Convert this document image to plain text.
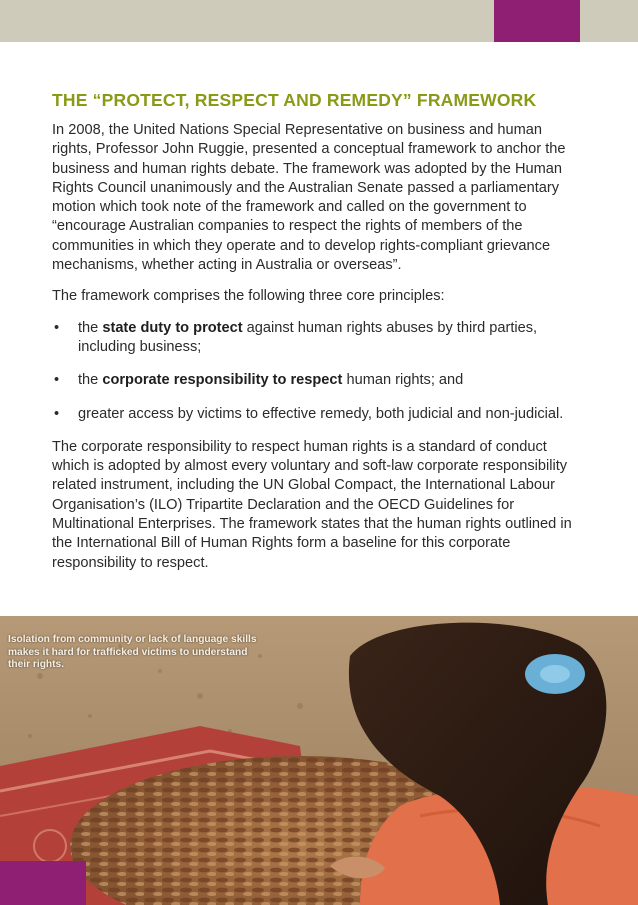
THE “PROTECT, RESPECT AND REMEDY” FRAMEWORK

In 2008, the United Nations Special Representative on business and human rights, Professor John Ruggie, presented a conceptual framework to anchor the business and human rights debate. The framework was adopted by the Human Rights Council unanimously and the Australian Senate passed a parliamentary motion which took note of the framework and called on the government to “encourage Australian companies to respect the rights of members of the communities in which they operate and to develop rights-compliant grievance mechanisms, whether acting in Australia or overseas”.

The framework comprises the following three core principles:

• the state duty to protect against human rights abuses by third parties, including business;
• the corporate responsibility to respect human rights; and
• greater access by victims to effective remedy, both judicial and non-judicial.

The corporate responsibility to respect human rights is a standard of conduct which is adopted by almost every voluntary and soft-law corporate responsibility related instrument, including the UN Global Compact, the International Labour Organisation’s (ILO) Tripartite Declaration and the OECD Guidelines for Multinational Enterprises. The framework states that the human rights outlined in the International Bill of Human Rights form a baseline for this corporate responsibility to respect.

Isolation from community or lack of language skills makes it hard for trafficked victims to understand their rights.
